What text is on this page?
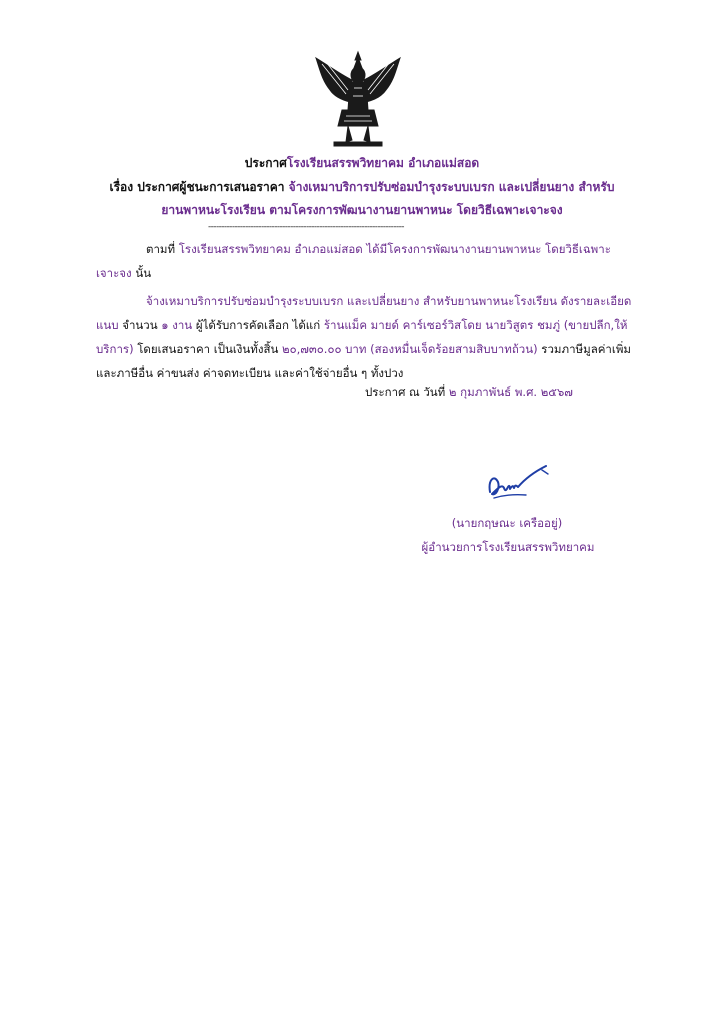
ประกาศโรงเรียนสรรพวิทยาคม อำเภอแม่สอด
เรื่อง ประกาศผู้ชนะการเสนอราคา จ้างเหมาบริการปรับซ่อมบำรุงระบบเบรก และเปลี่ยนยาง สำหรับ
ยานพาหนะโรงเรียน ตามโครงการพัฒนางานยานพาหนะ โดยวิธีเฉพาะเจาะจง
--------------------------------------------------------------------------
ตามที่ โรงเรียนสรรพวิทยาคม อำเภอแม่สอด ได้มีโครงการพัฒนางานยานพาหนะ โดยวิธีเฉพาะเจาะจง นั้น
จ้างเหมาบริการปรับซ่อมบำรุงระบบเบรก และเปลี่ยนยาง สำหรับยานพาหนะโรงเรียน ดังรายละเอียดแนบ จำนวน ๑ งาน ผู้ได้รับการคัดเลือก ได้แก่ ร้านแม็ค มายด์ คาร์เซอร์วิสโดย นายวิสูตร ชมภู่ (ขายปลีก,ให้บริการ) โดยเสนอราคา เป็นเงินทั้งสิ้น ๒๐,๗๓๐.๐๐ บาท (สองหมื่นเจ็ดร้อยสามสิบบาทถ้วน) รวมภาษีมูลค่าเพิ่มและภาษีอื่น ค่าขนส่ง ค่าจดทะเบียน และค่าใช้จ่ายอื่น ๆ ทั้งปวง
ประกาศ ณ วันที่ ๒ กุมภาพันธ์ พ.ศ. ๒๕๖๗
(นายกฤษณะ เครืออยู่)
ผู้อำนวยการโรงเรียนสรรพวิทยาคม
